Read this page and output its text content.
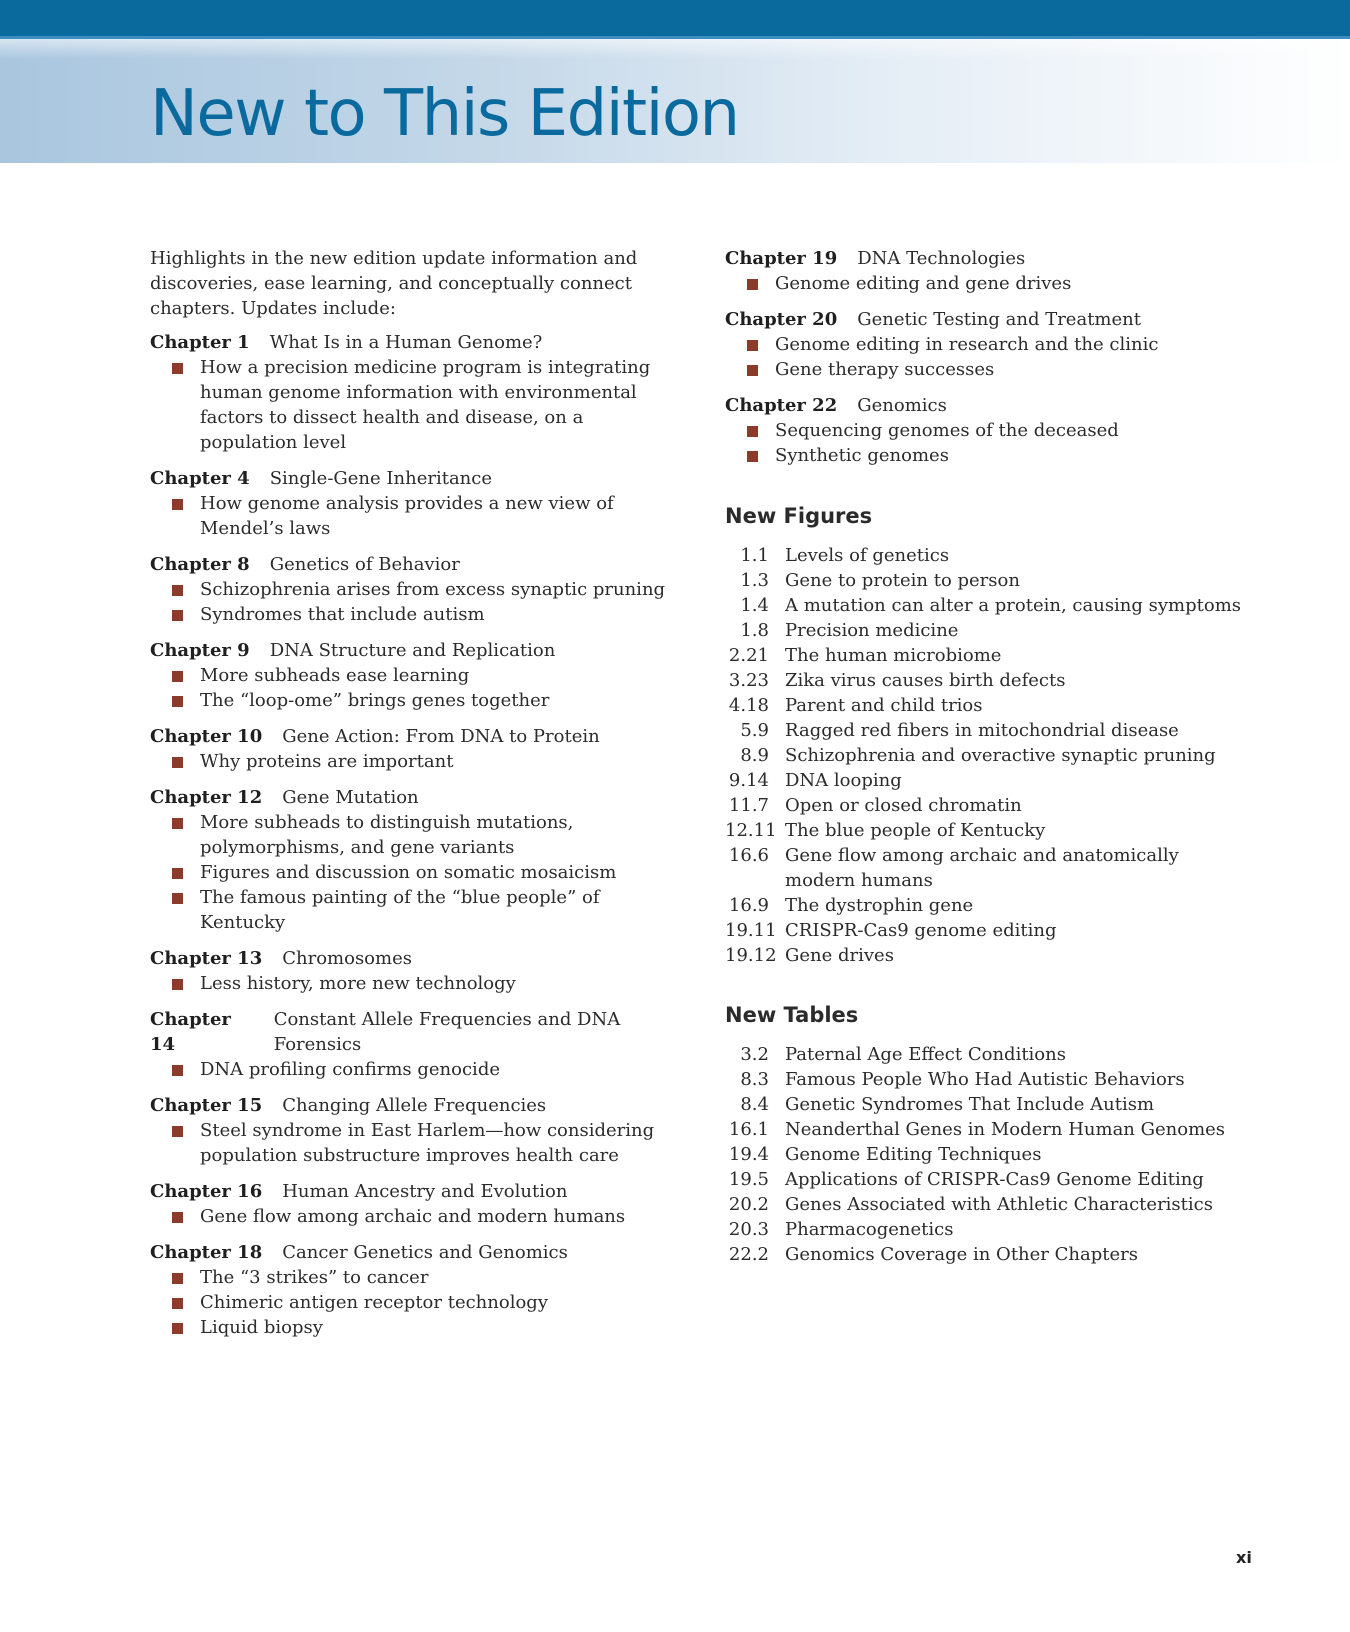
New to This Edition

Highlights in the new edition update information and discoveries, ease learning, and conceptually connect chapters. Updates include:

Chapter 1 What Is in a Human Genome?
How a precision medicine program is integrating human genome information with environmental factors to dissect health and disease, on a population level
Chapter 4 Single-Gene Inheritance
How genome analysis provides a new view of Mendel’s laws
Chapter 8 Genetics of Behavior
Schizophrenia arises from excess synaptic pruning
Syndromes that include autism
Chapter 9 DNA Structure and Replication
More subheads ease learning
The “loop-ome” brings genes together
Chapter 10 Gene Action: From DNA to Protein
Why proteins are important
Chapter 12 Gene Mutation
More subheads to distinguish mutations, polymorphisms, and gene variants
Figures and discussion on somatic mosaicism
The famous painting of the “blue people” of Kentucky
Chapter 13 Chromosomes
Less history, more new technology
Chapter 14
Constant Allele Frequencies and DNA Forensics
DNA profiling confirms genocide
Chapter 15 Changing Allele Frequencies
Steel syndrome in East Harlem—how considering population substructure improves health care
Chapter 16 Human Ancestry and Evolution
Gene flow among archaic and modern humans
Chapter 18 Cancer Genetics and Genomics
The “3 strikes” to cancer
Chimeric antigen receptor technology
Liquid biopsy
Chapter 19 DNA Technologies
Genome editing and gene drives
Chapter 20 Genetic Testing and Treatment
Genome editing in research and the clinic
Gene therapy successes
Chapter 22 Genomics
Sequencing genomes of the deceased
Synthetic genomes
New Figures
1.1 Levels of genetics
1.3 Gene to protein to person
1.4 A mutation can alter a protein, causing symptoms
1.8 Precision medicine
2.21 The human microbiome
3.23 Zika virus causes birth defects
4.18 Parent and child trios
5.9 Ragged red fibers in mitochondrial disease
8.9 Schizophrenia and overactive synaptic pruning
9.14 DNA looping
11.7 Open or closed chromatin
12.11 The blue people of Kentucky
16.6 Gene flow among archaic and anatomically modern humans
16.9 The dystrophin gene
19.11 CRISPR-Cas9 genome editing
19.12 Gene drives
New Tables
3.2 Paternal Age Effect Conditions
8.3 Famous People Who Had Autistic Behaviors
8.4 Genetic Syndromes That Include Autism
16.1 Neanderthal Genes in Modern Human Genomes
19.4 Genome Editing Techniques
19.5 Applications of CRISPR-Cas9 Genome Editing
20.2 Genes Associated with Athletic Characteristics
20.3 Pharmacogenetics
22.2 Genomics Coverage in Other Chapters
xi
